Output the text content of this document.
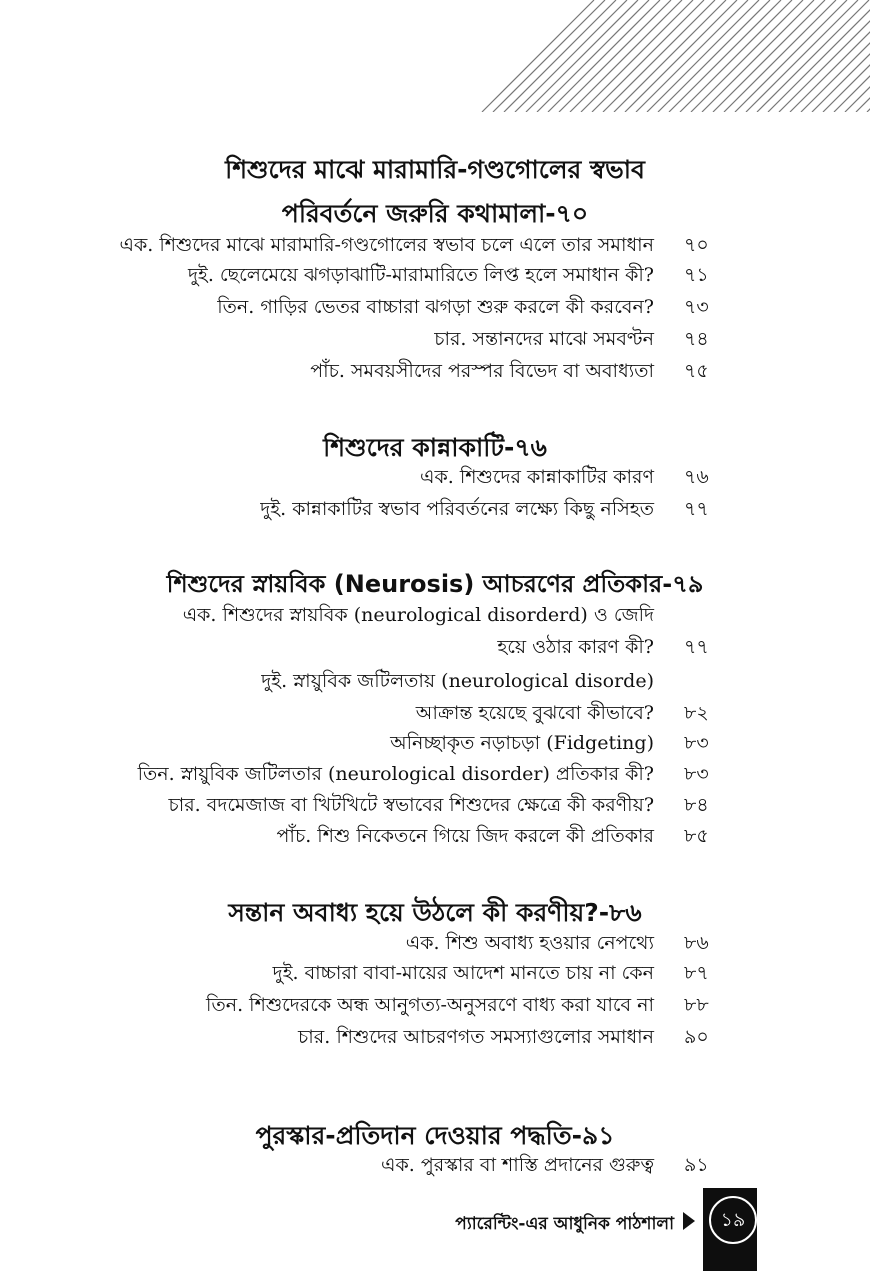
শিশুদের মাঝে মারামারি-গণ্ডগোলের স্বভাব
পরিবর্তনে জরুরি কথামালা-৭০
এক. শিশুদের মাঝে মারামারি-গণ্ডগোলের স্বভাব চলে এলে তার সমাধান ৭০
দুই. ছেলেমেয়ে ঝগড়াঝাটি-মারামারিতে লিপ্ত হলে সমাধান কী? ৭১
তিন. গাড়ির ভেতর বাচ্চারা ঝগড়া শুরু করলে কী করবেন? ৭৩
চার. সন্তানদের মাঝে সমবণ্টন ৭৪
পাঁচ. সমবয়সীদের পরস্পর বিভেদ বা অবাধ্যতা ৭৫
শিশুদের কান্নাকাটি-৭৬
এক. শিশুদের কান্নাকাটির কারণ ৭৬
দুই. কান্নাকাটির স্বভাব পরিবর্তনের লক্ষ্যে কিছু নসিহত ৭৭
শিশুদের স্নায়বিক (Neurosis) আচরণের প্রতিকার-৭৯
এক. শিশুদের স্নায়বিক (neurological disorderd) ও জেদি
হয়ে ওঠার কারণ কী? ৭৭
দুই. স্নায়ুবিক জটিলতায় (neurological disorde)
আক্রান্ত হয়েছে বুঝবো কীভাবে? ৮২
অনিচ্ছাকৃত নড়াচড়া (Fidgeting) ৮৩
তিন. স্নায়ুবিক জটিলতার (neurological disorder) প্রতিকার কী? ৮৩
চার. বদমেজাজ বা খিটখিটে স্বভাবের শিশুদের ক্ষেত্রে কী করণীয়? ৮৪
পাঁচ. শিশু নিকেতনে গিয়ে জিদ করলে কী প্রতিকার ৮৫
সন্তান অবাধ্য হয়ে উঠলে কী করণীয়?-৮৬
এক. শিশু অবাধ্য হওয়ার নেপথ্যে ৮৬
দুই. বাচ্চারা বাবা-মায়ের আদেশ মানতে চায় না কেন ৮৭
তিন. শিশুদেরকে অন্ধ আনুগত্য-অনুসরণে বাধ্য করা যাবে না ৮৮
চার. শিশুদের আচরণগত সমস্যাগুলোর সমাধান ৯০
পুরস্কার-প্রতিদান দেওয়ার পদ্ধতি-৯১
এক. পুরস্কার বা শাস্তি প্রদানের গুরুত্ব ৯১
প্যারেন্টিং-এর আধুনিক পাঠশালা	১৯
